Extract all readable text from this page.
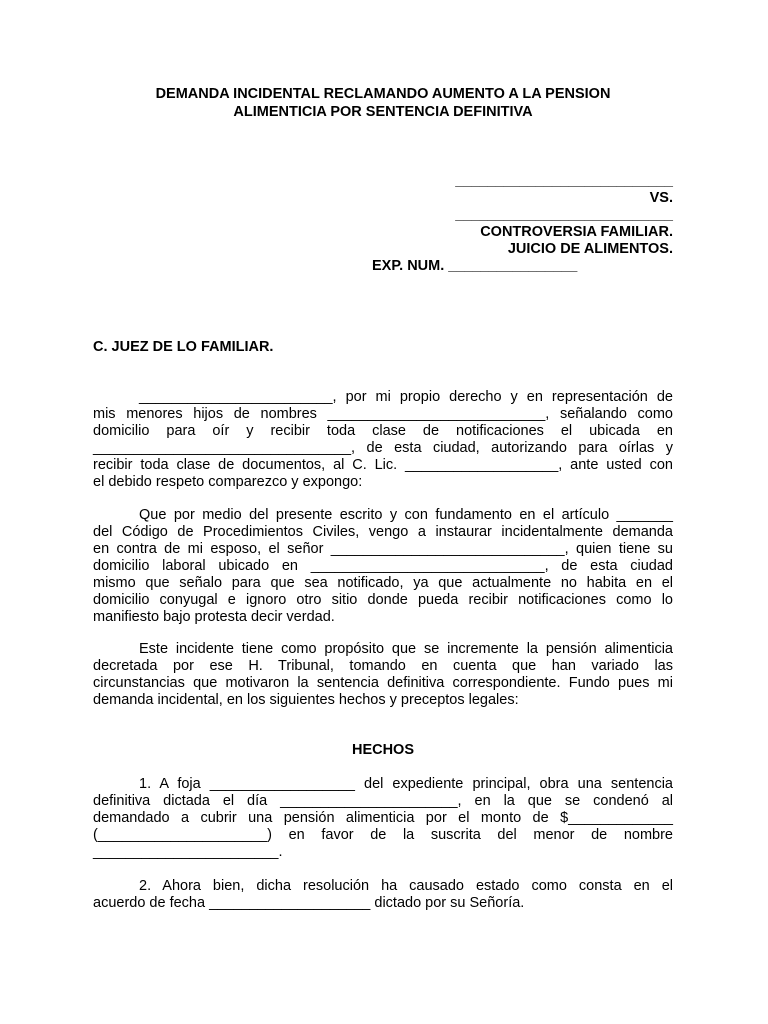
DEMANDA INCIDENTAL RECLAMANDO AUMENTO A LA PENSION
ALIMENTICIA POR SENTENCIA DEFINITIVA
___________________________
VS.
___________________________
CONTROVERSIA FAMILIAR.
JUICIO DE ALIMENTOS.
EXP. NUM. ________________
C. JUEZ DE LO FAMILIAR.
________________________, por mi propio derecho y en representación de
mis menores hijos de nombres ___________________________, señalando como
domicilio para oír y recibir toda clase de notificaciones el ubicada en
________________________________, de esta ciudad, autorizando para oírlas y
recibir toda clase de documentos, al C. Lic. ___________________, ante usted con
el debido respeto comparezco y expongo:
Que por medio del presente escrito y con fundamento en el artículo _______
del Código de Procedimientos Civiles, vengo a instaurar incidentalmente demanda
en contra de mi esposo, el señor _____________________________, quien tiene su
domicilio laboral ubicado en _____________________________, de esta ciudad
mismo que señalo para que sea notificado, ya que actualmente no habita en el
domicilio conyugal e ignoro otro sitio donde pueda recibir notificaciones como lo
manifiesto bajo protesta decir verdad.
Este incidente tiene como propósito que se incremente la pensión alimenticia
decretada por ese H. Tribunal, tomando en cuenta que han variado las
circunstancias que motivaron la sentencia definitiva correspondiente. Fundo pues mi
demanda incidental, en los siguientes hechos y preceptos legales:
HECHOS
1. A foja __________________ del expediente principal, obra una sentencia
definitiva dictada el día ______________________, en la que se condenó al
demandado a cubrir una pensión alimenticia por el monto de $_____________
(_____________________) en favor de la suscrita del menor de nombre
_______________________.
2. Ahora bien, dicha resolución ha causado estado como consta en el
acuerdo de fecha ____________________ dictado por su Señoría.
